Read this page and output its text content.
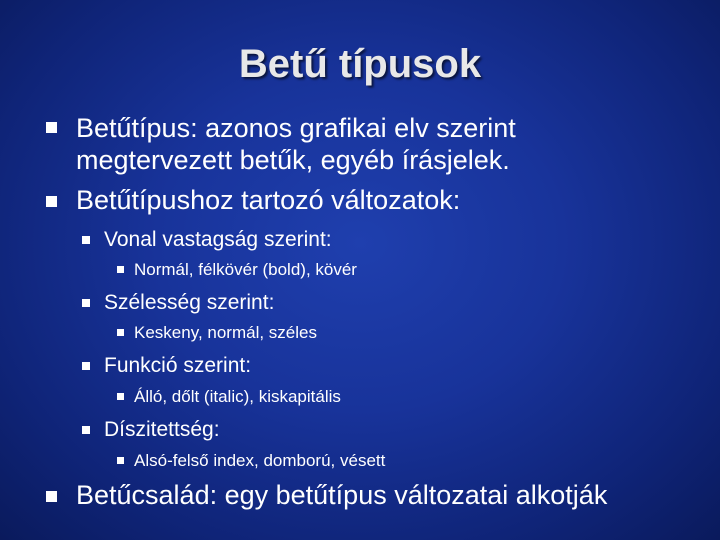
Betű típusok
Betűtípus: azonos grafikai elv szerint
megtervezett betűk, egyéb írásjelek.
Betűtípushoz tartozó változatok:
Vonal vastagság szerint:
Normál, félkövér (bold), kövér
Szélesség szerint:
Keskeny, normál, széles
Funkció szerint:
Álló, dőlt (italic), kiskapitális
Díszitettség:
Alsó-felső index, domború, vésett
Betűcsalád: egy betűtípus változatai alkotják
